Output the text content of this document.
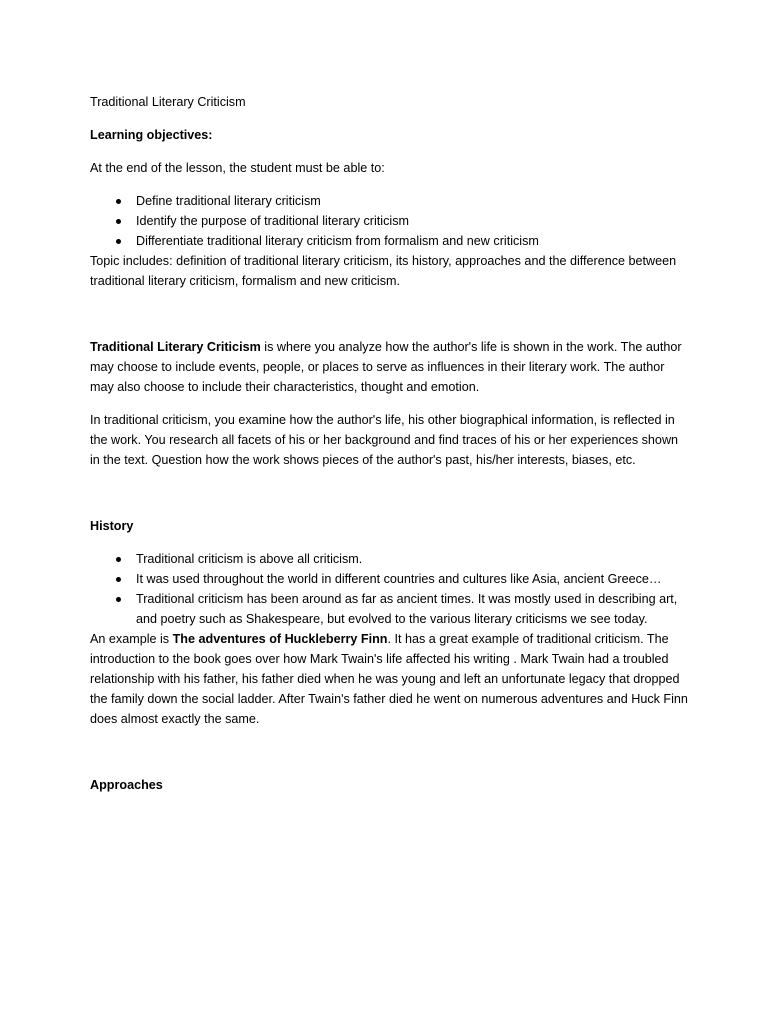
Traditional Literary Criticism

Learning objectives:

At the end of the lesson, the student must be able to:

Define traditional literary criticism
Identify the purpose of traditional literary criticism
Differentiate traditional literary criticism from formalism and new criticism

Topic includes: definition of traditional literary criticism, its history, approaches and the difference between traditional literary criticism, formalism and new criticism.

Traditional Literary Criticism is where you analyze how the author's life is shown in the work. The author may choose to include events, people, or places to serve as influences in their literary work. The author may also choose to include their characteristics, thought and emotion.

In traditional criticism, you examine how the author's life, his other biographical information, is reflected in the work. You research all facets of his or her background and find traces of his or her experiences shown in the text. Question how the work shows pieces of the author's past, his/her interests, biases, etc.

History

Traditional criticism is above all criticism.
It was used throughout the world in different countries and cultures like Asia, ancient Greece…
Traditional criticism has been around as far as ancient times. It was mostly used in describing art, and poetry such as Shakespeare, but evolved to the various literary criticisms we see today.

An example is The adventures of Huckleberry Finn. It has a great example of traditional criticism. The introduction to the book goes over how Mark Twain's life affected his writing . Mark Twain had a troubled relationship with his father, his father died when he was young and left an unfortunate legacy that dropped the family down the social ladder. After Twain's father died he went on numerous adventures and Huck Finn does almost exactly the same.

Approaches
